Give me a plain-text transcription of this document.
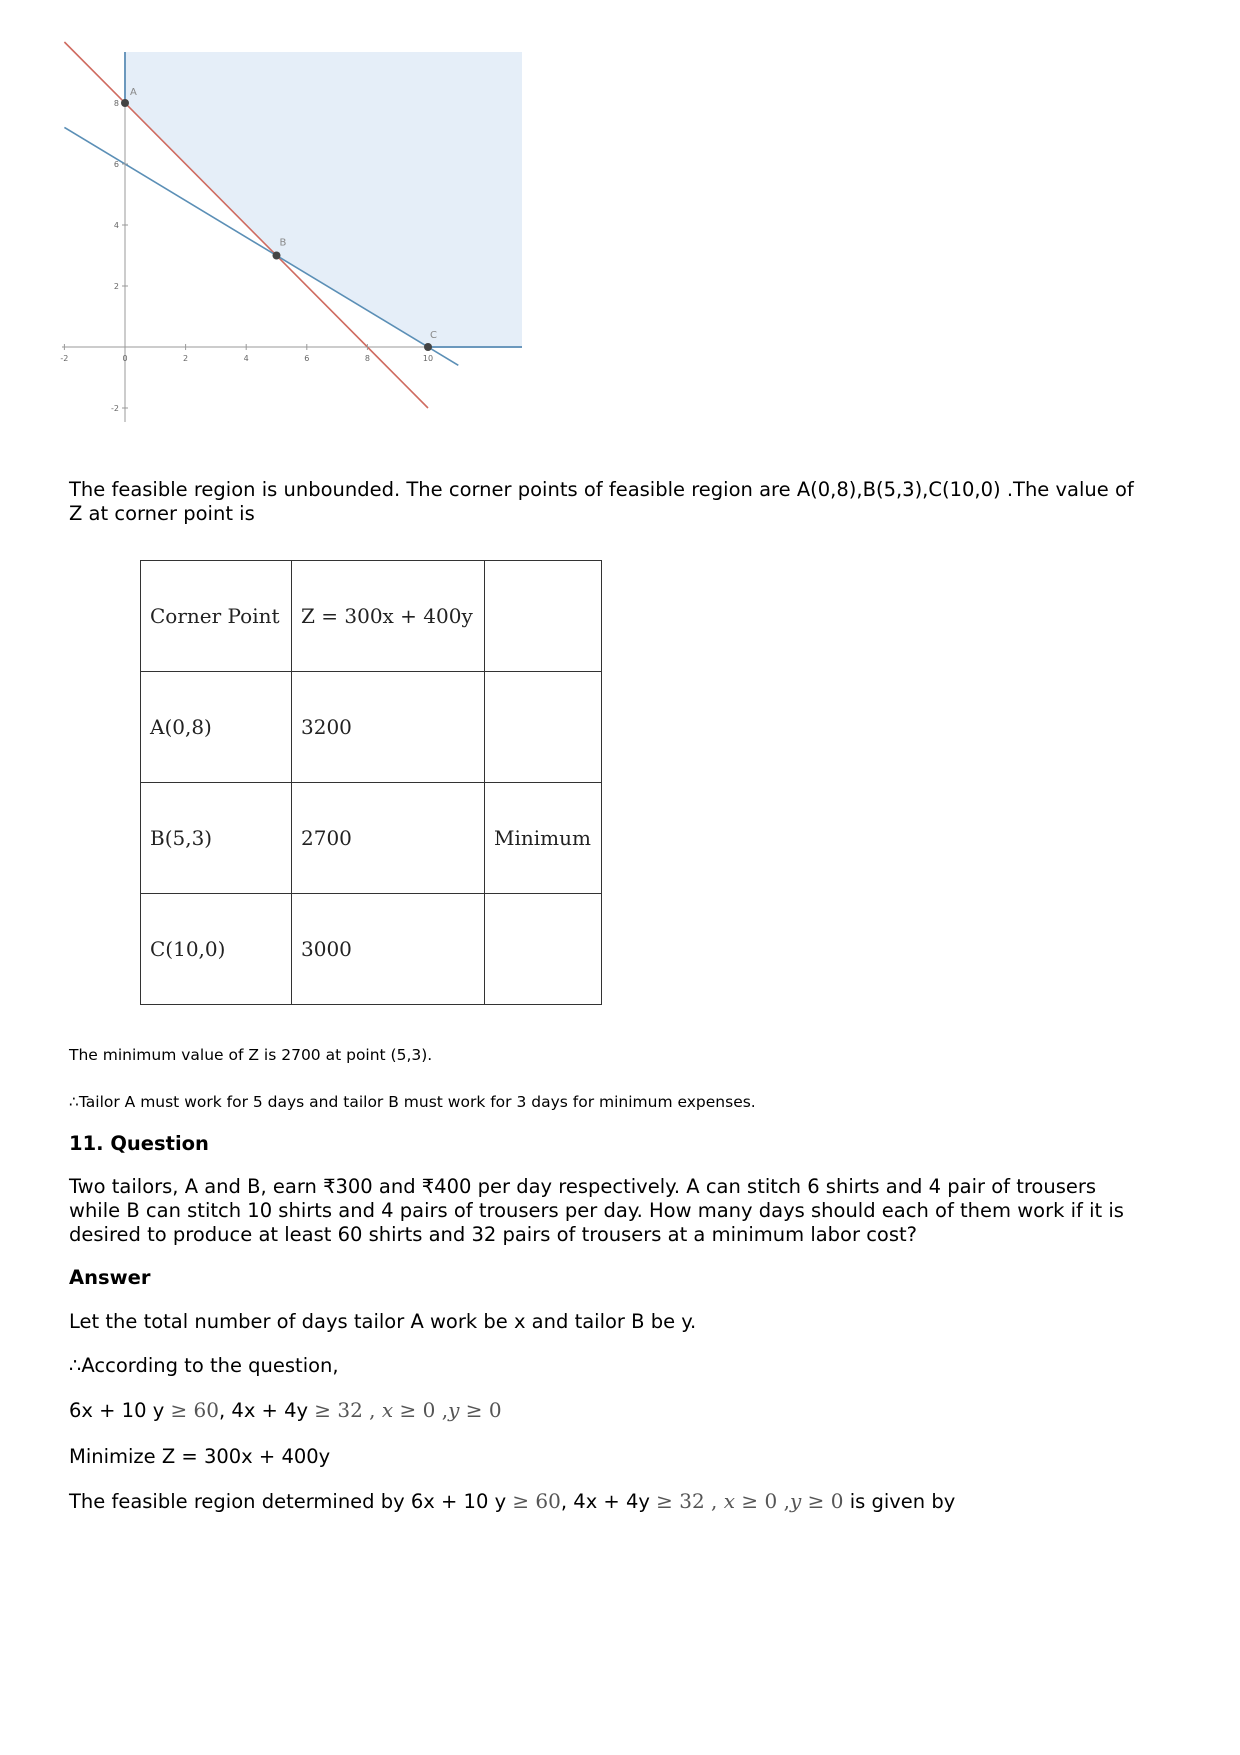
-2	0	2	4	6	8	10
8
6
4
2
-2
A
B
C
The feasible region is unbounded. The corner points of feasible region are A(0,8),B(5,3),C(10,0) .The value of
Z at corner point is
Corner Point	Z = 300x + 400y	
A(0,8)	3200	
B(5,3)	2700	Minimum
C(10,0)	3000	
The minimum value of Z is 2700 at point (5,3).
∴Tailor A must work for 5 days and tailor B must work for 3 days for minimum expenses.
11. Question
Two tailors, A and B, earn ₹300 and ₹400 per day respectively. A can stitch 6 shirts and 4 pair of trousers
while B can stitch 10 shirts and 4 pairs of trousers per day. How many days should each of them work if it is
desired to produce at least 60 shirts and 32 pairs of trousers at a minimum labor cost?
Answer
Let the total number of days tailor A work be x and tailor B be y.
∴According to the question,
6x + 10 y ≥ 60, 4x + 4y ≥ 32 , x ≥ 0 ,y ≥ 0
Minimize Z = 300x + 400y
The feasible region determined by 6x + 10 y ≥ 60, 4x + 4y ≥ 32 , x ≥ 0 ,y ≥ 0 is given by
